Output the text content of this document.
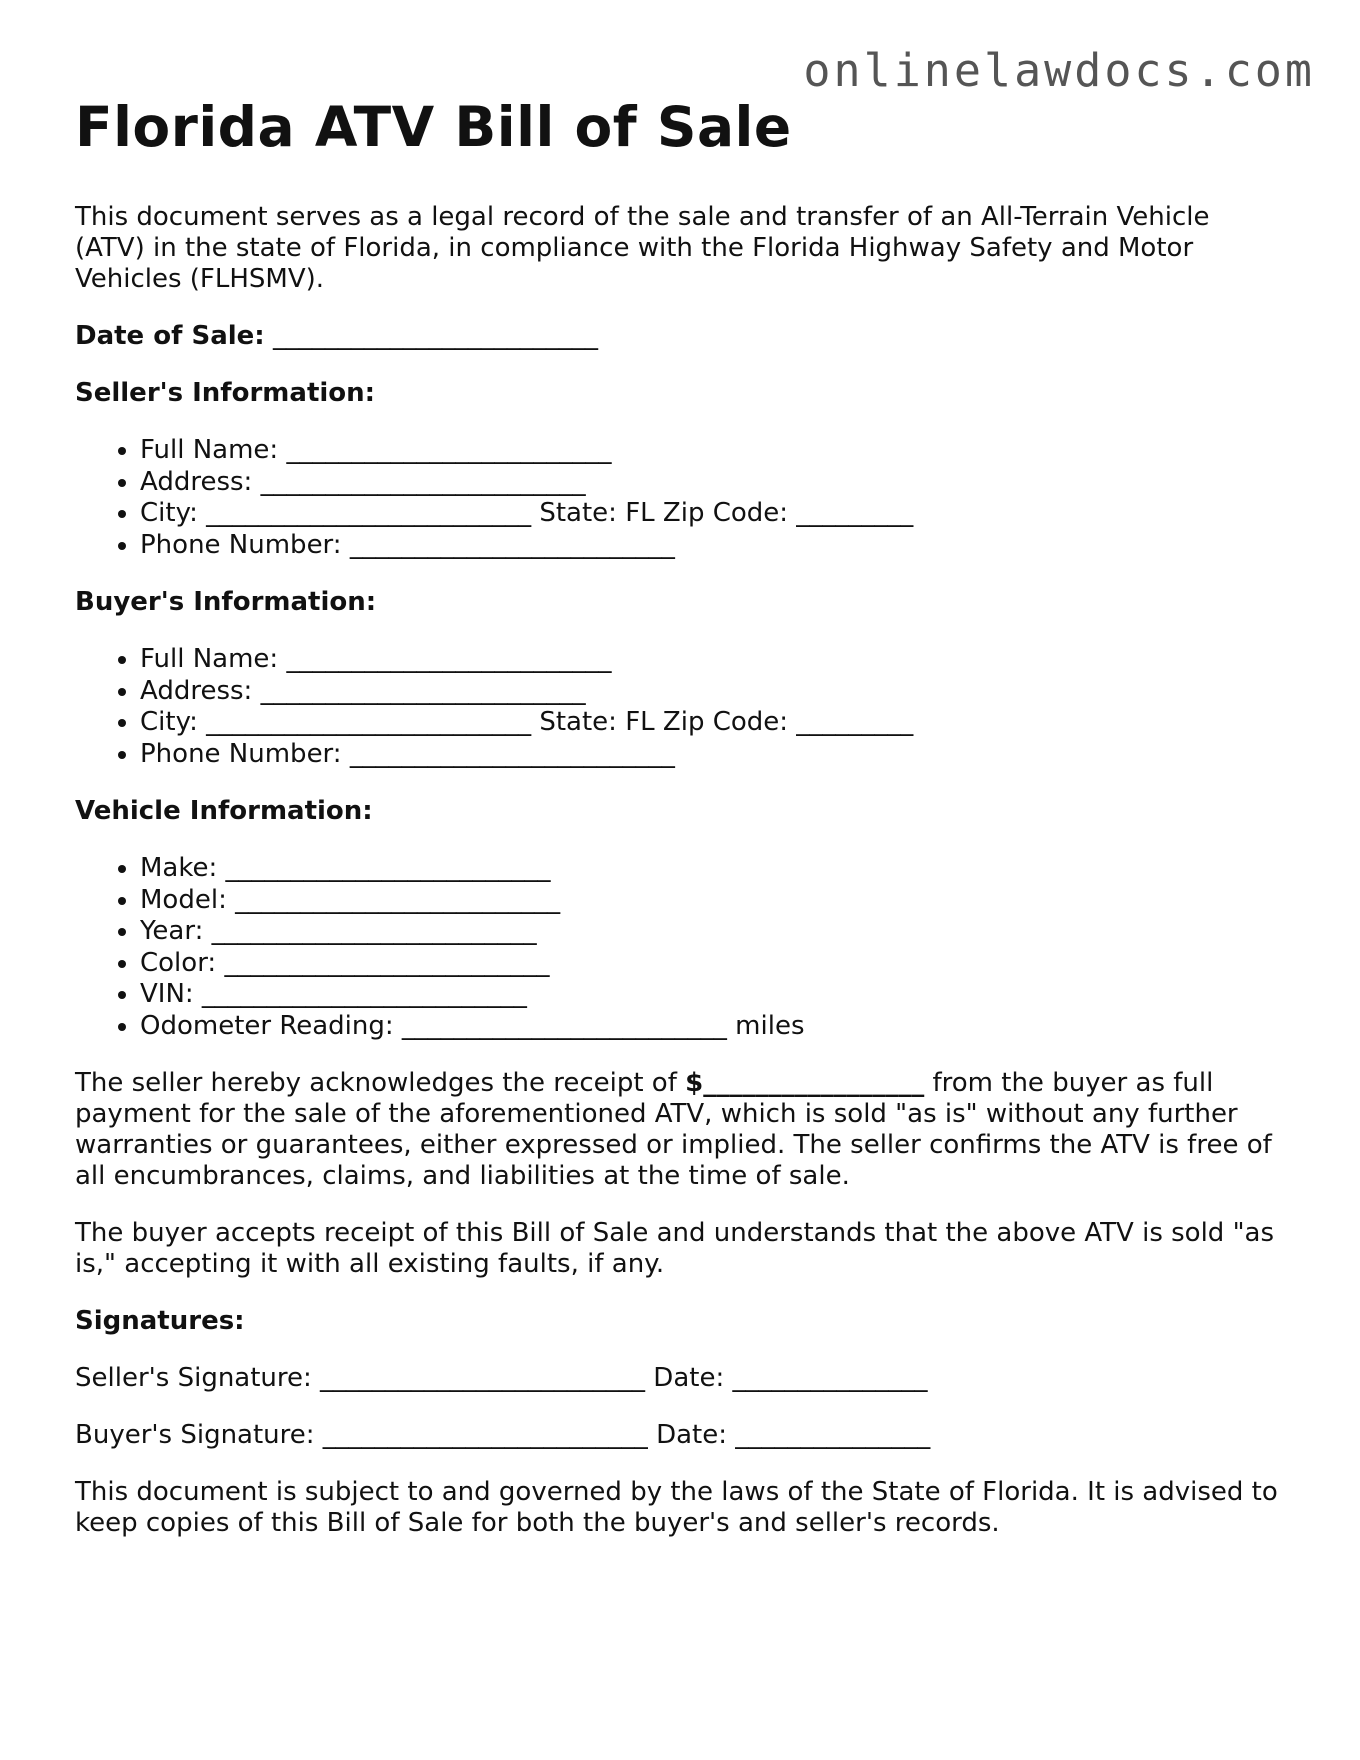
onlinelawdocs.com
Florida ATV Bill of Sale

This document serves as a legal record of the sale and transfer of an All-Terrain Vehicle (ATV) in the state of Florida, in compliance with the Florida Highway Safety and Motor Vehicles (FLHSMV).

Date of Sale: _________________________

Seller's Information:

• Full Name: _________________________
• Address: _________________________
• City: _________________________ State: FL Zip Code: _________
• Phone Number: _________________________

Buyer's Information:

• Full Name: _________________________
• Address: _________________________
• City: _________________________ State: FL Zip Code: _________
• Phone Number: _________________________

Vehicle Information:

• Make: _________________________
• Model: _________________________
• Year: _________________________
• Color: _________________________
• VIN: _________________________
• Odometer Reading: _________________________ miles

The seller hereby acknowledges the receipt of $_________________ from the buyer as full payment for the sale of the aforementioned ATV, which is sold "as is" without any further warranties or guarantees, either expressed or implied. The seller confirms the ATV is free of all encumbrances, claims, and liabilities at the time of sale.

The buyer accepts receipt of this Bill of Sale and understands that the above ATV is sold "as is," accepting it with all existing faults, if any.

Signatures:

Seller's Signature: _________________________ Date: _______________

Buyer's Signature: _________________________ Date: _______________

This document is subject to and governed by the laws of the State of Florida. It is advised to keep copies of this Bill of Sale for both the buyer's and seller's records.
